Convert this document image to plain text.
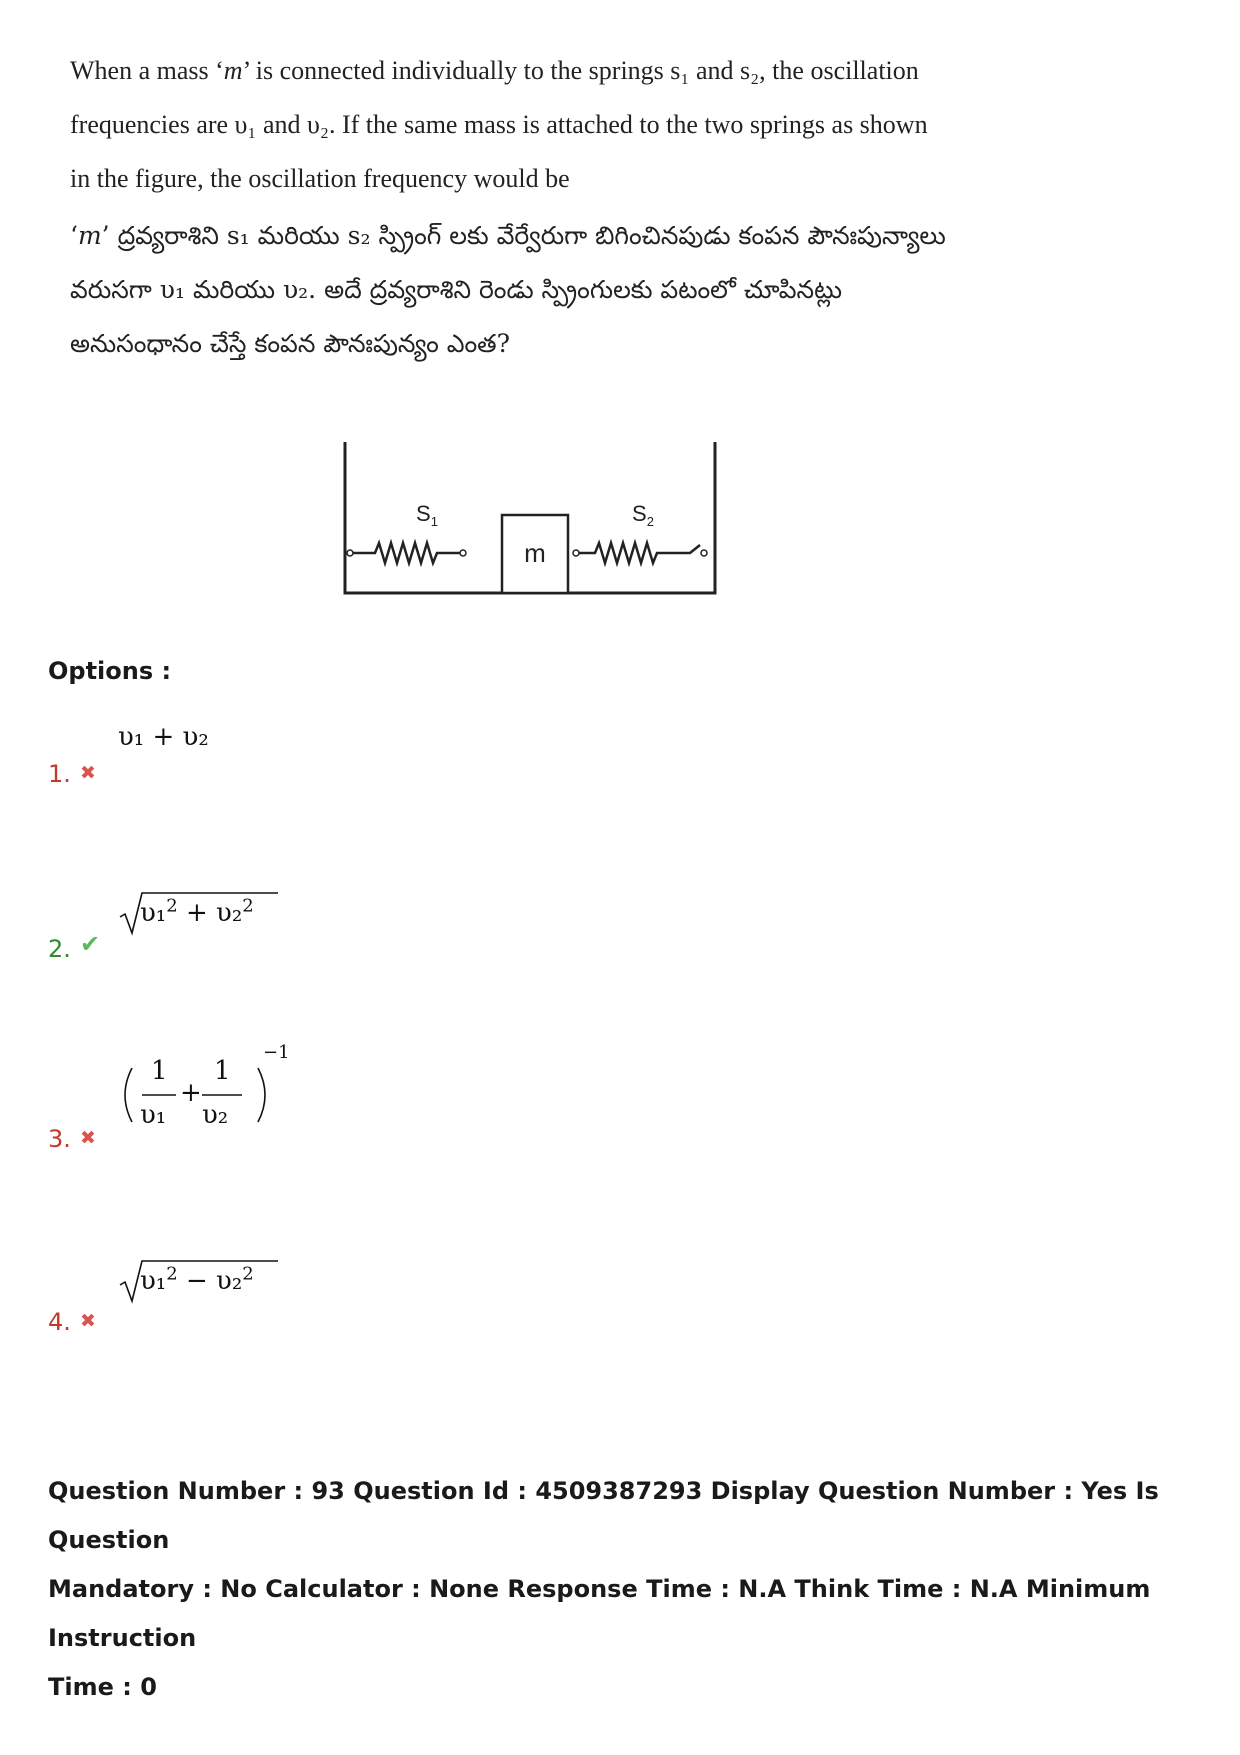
When a mass ‘m’ is connected individually to the springs s₁ and s₂, the oscillation frequencies are υ₁ and υ₂. If the same mass is attached to the two springs as shown in the figure, the oscillation frequency would be
‘m’ ద్రవ్యరాశిని s₁ మరియు s₂ స్ప్రింగ్ లకు వేర్వేరుగా బిగించినపుడు కంపన పౌనఃపున్యాలు వరుసగా υ₁ మరియు υ₂. అదే ద్రవ్యరాశిని రెండు స్ప్రింగులకు పటంలో చూపినట్లు అనుసంధానం చేస్తే కంపన పౌనఃపున్యం ఎంత?
$S_1$	$S_2$
m
Options :
υ₁ + υ₂
1. ✖
υ₁$^2$ + υ₂$^2$
2. ✔
1
υ₁
+
1
υ₂
−1
3. ✖
υ₁$^2$ − υ₂$^2$
4. ✖
Question Number : 93 Question Id : 4509387293 Display Question Number : Yes Is Question
Mandatory : No Calculator : None Response Time : N.A Think Time : N.A Minimum Instruction
Time : 0
